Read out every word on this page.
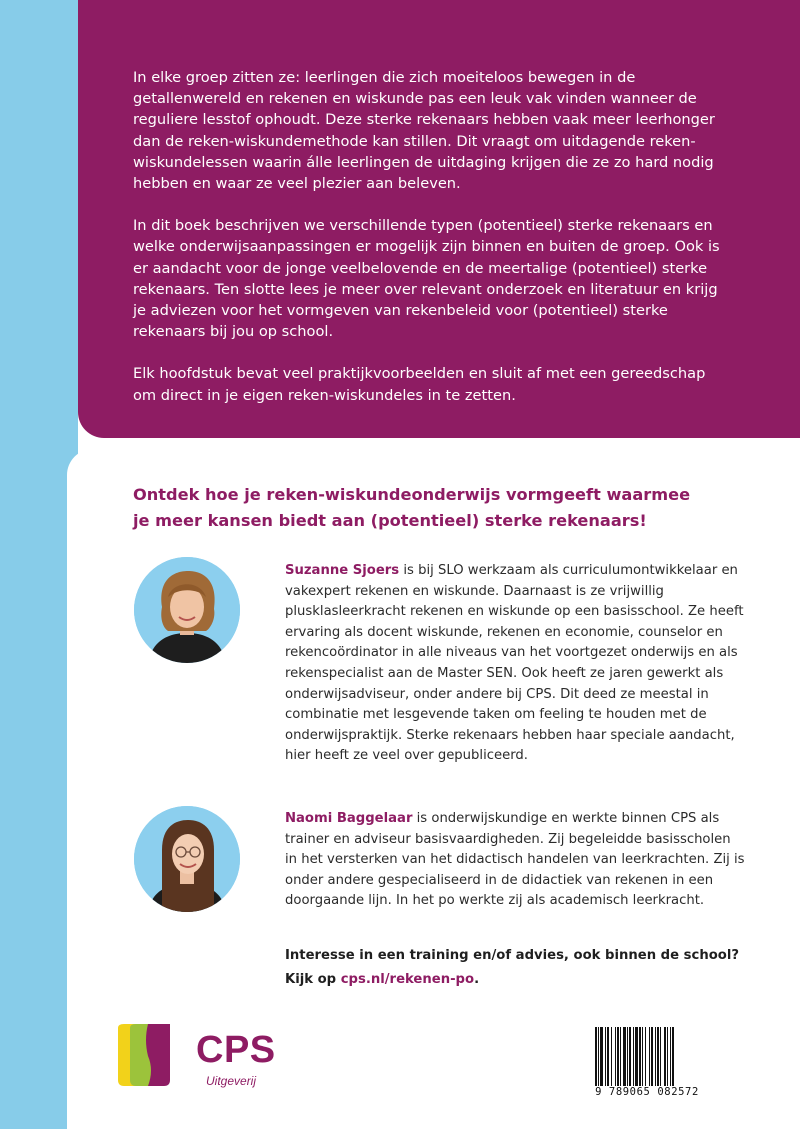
In elke groep zitten ze: leerlingen die zich moeiteloos bewegen in de getallenwereld en rekenen en wiskunde pas een leuk vak vinden wanneer de reguliere lesstof ophoudt. Deze sterke rekenaars hebben vaak meer leerhonger dan de reken-wiskundemethode kan stillen. Dit vraagt om uitdagende reken-wiskundelessen waarin álle leerlingen de uitdaging krijgen die ze zo hard nodig hebben en waar ze veel plezier aan beleven.

In dit boek beschrijven we verschillende typen (potentieel) sterke rekenaars en welke onderwijsaanpassingen er mogelijk zijn binnen en buiten de groep. Ook is er aandacht voor de jonge veelbelovende en de meertalige (potentieel) sterke rekenaars. Ten slotte lees je meer over relevant onderzoek en literatuur en krijg je adviezen voor het vormgeven van rekenbeleid voor (potentieel) sterke rekenaars bij jou op school.

Elk hoofdstuk bevat veel praktijkvoorbeelden en sluit af met een gereedschap om direct in je eigen reken-wiskundeles in te zetten.

Ontdek hoe je reken-wiskundeonderwijs vormgeeft waarmee je meer kansen biedt aan (potentieel) sterke rekenaars!

Suzanne Sjoers is bij SLO werkzaam als curriculumontwikkelaar en vakexpert rekenen en wiskunde. Daarnaast is ze vrijwillig plusklasleerkracht rekenen en wiskunde op een basisschool. Ze heeft ervaring als docent wiskunde, rekenen en economie, counselor en rekencoördinator in alle niveaus van het voortgezet onderwijs en als rekenspecialist aan de Master SEN. Ook heeft ze jaren gewerkt als onderwijsadviseur, onder andere bij CPS. Dit deed ze meestal in combinatie met lesgevende taken om feeling te houden met de onderwijspraktijk. Sterke rekenaars hebben haar speciale aandacht, hier heeft ze veel over gepubliceerd.

Naomi Baggelaar is onderwijskundige en werkte binnen CPS als trainer en adviseur basisvaardigheden. Zij begeleidde basisscholen in het versterken van het didactisch handelen van leerkrachten. Zij is onder andere gespecialiseerd in de didactiek van rekenen in een doorgaande lijn. In het po werkte zij als academisch leerkracht.

Interesse in een training en/of advies, ook binnen de school?
Kijk op cps.nl/rekenen-po.
CPS
Uitgeverij
9 789065 082572
